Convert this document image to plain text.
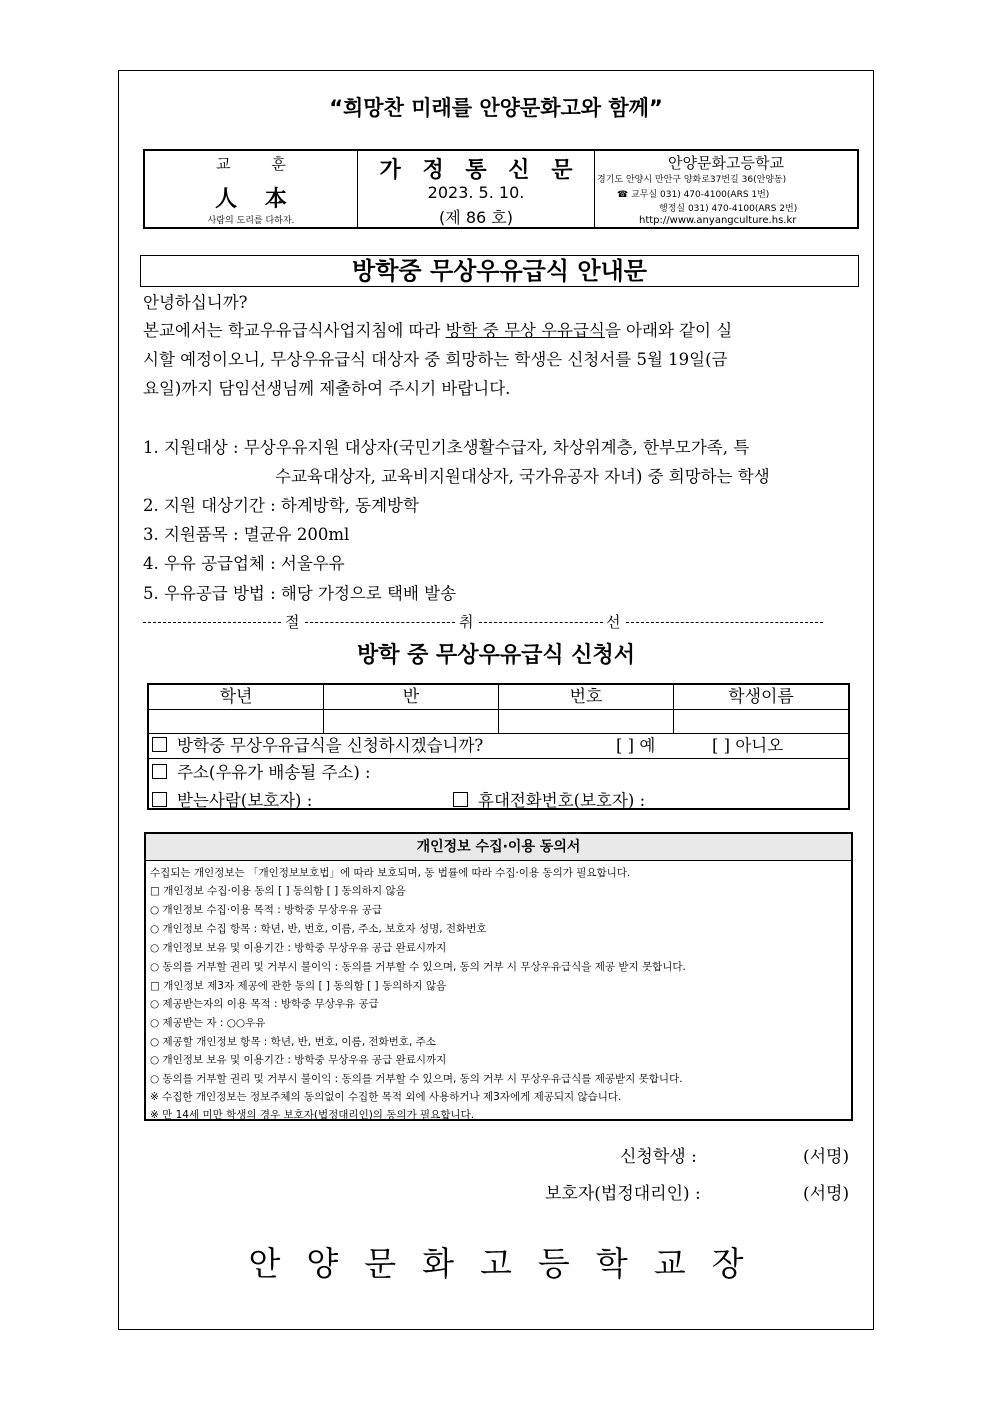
“희망찬 미래를 안양문화고와 함께”
교 훈
人 本
사람의 도리를 다하자.
가 정 통 신 문
2023. 5. 10.
(제 86 호)
안양문화고등학교
경기도 안양시 만안구 양화로37번길 36(안양동)
☎ 교무실 031) 470-4100(ARS 1번)
행정실 031) 470-4100(ARS 2번)
http://www.anyangculture.hs.kr
방학중 무상우유급식 안내문
안녕하십니까?
본교에서는 학교우유급식사업지침에 따라 방학 중 무상 우유급식을 아래와 같이 실
시할 예정이오니, 무상우유급식 대상자 중 희망하는 학생은 신청서를 5월 19일(금
요일)까지 담임선생님께 제출하여 주시기 바랍니다.
1. 지원대상 : 무상우유지원 대상자(국민기초생활수급자, 차상위계층, 한부모가족, 특
수교육대상자, 교육비지원대상자, 국가유공자 자녀) 중 희망하는 학생
2. 지원 대상기간 : 하계방학, 동계방학
3. 지원품목 : 멸균유 200ml
4. 우유 공급업체 : 서울우유
5. 우유공급 방법 : 해당 가정으로 택배 발송
절	취	선
방학 중 무상우유급식 신청서
학년	반	번호	학생이름
방학중 무상우유급식을 신청하시겠습니까?	[ ] 예	[ ] 아니오
주소(우유가 배송될 주소) :
받는사람(보호자) :	휴대전화번호(보호자) :
개인정보 수집·이용 동의서
수집되는 개인정보는 「개인정보보호법」에 따라 보호되며, 동 법률에 따라 수집·이용 동의가 필요합니다.
□ 개인정보 수집·이용 동의 [ ] 동의함 [ ] 동의하지 않음
○ 개인정보 수집·이용 목적 : 방학중 무상우유 공급
○ 개인정보 수집 항목 : 학년, 반, 번호, 이름, 주소, 보호자 성명, 전화번호
○ 개인정보 보유 및 이용기간 : 방학중 무상우유 공급 완료시까지
○ 동의를 거부할 권리 및 거부시 불이익 : 동의를 거부할 수 있으며, 동의 거부 시 무상우유급식을 제공 받지 못합니다.
□ 개인정보 제3자 제공에 관한 동의 [ ] 동의함 [ ] 동의하지 않음
○ 제공받는자의 이용 목적 : 방학중 무상우유 공급
○ 제공받는 자 : ○○우유
○ 제공할 개인정보 항목 : 학년, 반, 번호, 이름, 전화번호, 주소
○ 개인정보 보유 및 이용기간 : 방학중 무상우유 공급 완료시까지
○ 동의를 거부할 권리 및 거부시 불이익 : 동의를 거부할 수 있으며, 동의 거부 시 무상우유급식를 제공받지 못합니다.
※ 수집한 개인정보는 정보주체의 동의없이 수집한 목적 외에 사용하거나 제3자에게 제공되지 않습니다.
※ 만 14세 미만 학생의 경우 보호자(법정대리인)의 동의가 필요합니다.
신청학생 :	(서명)
보호자(법정대리인) :	(서명)
안양문화고등학교장
